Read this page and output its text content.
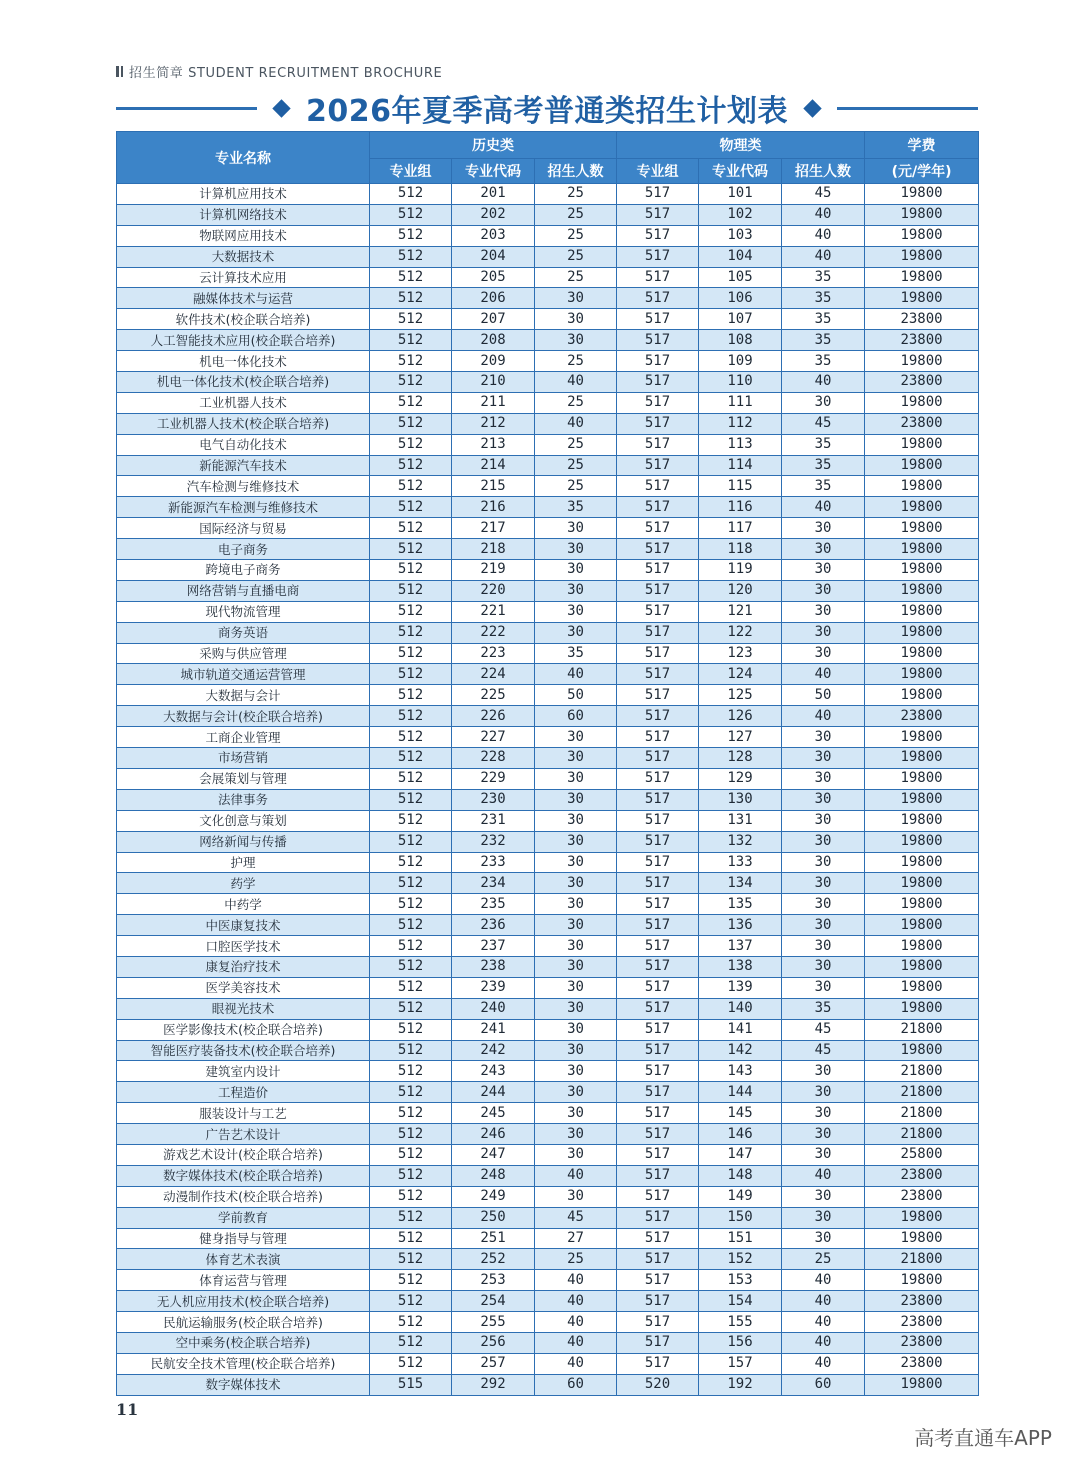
招生简章 STUDENT RECRUITMENT BROCHURE
2026年夏季高考普通类招生计划表
专业名称	历史类			物理类			学费
	专业组	专业代码	招生人数	专业组	专业代码	招生人数	(元/学年)
计算机应用技术	512	201	25	517	101	45	19800
计算机网络技术	512	202	25	517	102	40	19800
物联网应用技术	512	203	25	517	103	40	19800
大数据技术	512	204	25	517	104	40	19800
云计算技术应用	512	205	25	517	105	35	19800
融媒体技术与运营	512	206	30	517	106	35	19800
软件技术(校企联合培养)	512	207	30	517	107	35	23800
人工智能技术应用(校企联合培养)	512	208	30	517	108	35	23800
机电一体化技术	512	209	25	517	109	35	19800
机电一体化技术(校企联合培养)	512	210	40	517	110	40	23800
工业机器人技术	512	211	25	517	111	30	19800
工业机器人技术(校企联合培养)	512	212	40	517	112	45	23800
电气自动化技术	512	213	25	517	113	35	19800
新能源汽车技术	512	214	25	517	114	35	19800
汽车检测与维修技术	512	215	25	517	115	35	19800
新能源汽车检测与维修技术	512	216	35	517	116	40	19800
国际经济与贸易	512	217	30	517	117	30	19800
电子商务	512	218	30	517	118	30	19800
跨境电子商务	512	219	30	517	119	30	19800
网络营销与直播电商	512	220	30	517	120	30	19800
现代物流管理	512	221	30	517	121	30	19800
商务英语	512	222	30	517	122	30	19800
采购与供应管理	512	223	35	517	123	30	19800
城市轨道交通运营管理	512	224	40	517	124	40	19800
大数据与会计	512	225	50	517	125	50	19800
大数据与会计(校企联合培养)	512	226	60	517	126	40	23800
工商企业管理	512	227	30	517	127	30	19800
市场营销	512	228	30	517	128	30	19800
会展策划与管理	512	229	30	517	129	30	19800
法律事务	512	230	30	517	130	30	19800
文化创意与策划	512	231	30	517	131	30	19800
网络新闻与传播	512	232	30	517	132	30	19800
护理	512	233	30	517	133	30	19800
药学	512	234	30	517	134	30	19800
中药学	512	235	30	517	135	30	19800
中医康复技术	512	236	30	517	136	30	19800
口腔医学技术	512	237	30	517	137	30	19800
康复治疗技术	512	238	30	517	138	30	19800
医学美容技术	512	239	30	517	139	30	19800
眼视光技术	512	240	30	517	140	35	19800
医学影像技术(校企联合培养)	512	241	30	517	141	45	21800
智能医疗装备技术(校企联合培养)	512	242	30	517	142	45	19800
建筑室内设计	512	243	30	517	143	30	21800
工程造价	512	244	30	517	144	30	21800
服装设计与工艺	512	245	30	517	145	30	21800
广告艺术设计	512	246	30	517	146	30	21800
游戏艺术设计(校企联合培养)	512	247	30	517	147	30	25800
数字媒体技术(校企联合培养)	512	248	40	517	148	40	23800
动漫制作技术(校企联合培养)	512	249	30	517	149	30	23800
学前教育	512	250	45	517	150	30	19800
健身指导与管理	512	251	27	517	151	30	19800
体育艺术表演	512	252	25	517	152	25	21800
体育运营与管理	512	253	40	517	153	40	19800
无人机应用技术(校企联合培养)	512	254	40	517	154	40	23800
民航运输服务(校企联合培养)	512	255	40	517	155	40	23800
空中乘务(校企联合培养)	512	256	40	517	156	40	23800
民航安全技术管理(校企联合培养)	512	257	40	517	157	40	23800
数字媒体技术	515	292	60	520	192	60	19800
11
高考直通车APP
